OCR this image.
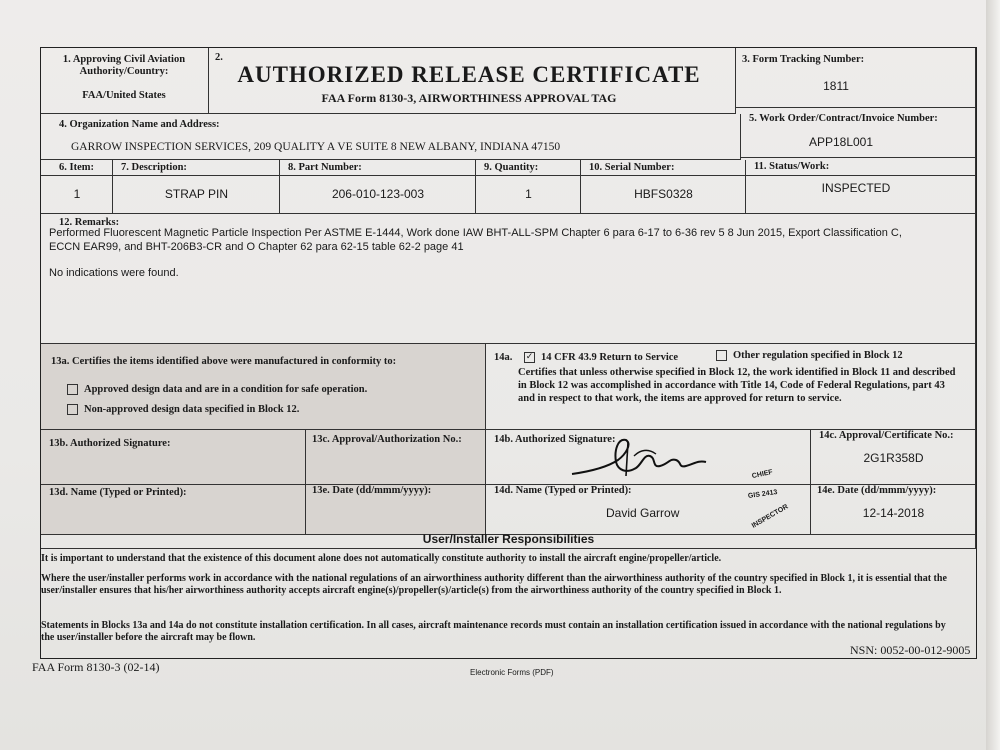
1. Approving Civil Aviation Authority/Country:
FAA/United States
2.
AUTHORIZED RELEASE CERTIFICATE
FAA Form 8130-3, AIRWORTHINESS APPROVAL TAG
3. Form Tracking Number:
1811
4. Organization Name and Address:
GARROW INSPECTION SERVICES, 209 QUALITY A VE SUITE 8 NEW ALBANY, INDIANA 47150
5. Work Order/Contract/Invoice Number:
APP18L001
6. Item:	7. Description:	8. Part Number:	9. Quantity:	10. Serial Number:	11. Status/Work:
1	STRAP PIN	206-010-123-003	1	HBFS0328	INSPECTED
12. Remarks:
Performed Fluorescent Magnetic Particle Inspection Per ASTME E-1444, Work done IAW BHT-ALL-SPM Chapter 6 para 6-17 to 6-36 rev 5 8 Jun 2015, Export Classification C,
ECCN EAR99, and BHT-206B3-CR and O Chapter 62 para 62-15 table 62-2 page 41
No indications were found.
13a. Certifies the items identified above were manufactured in conformity to:
Approved design data and are in a condition for safe operation.
Non-approved design data specified in Block 12.
14a. ✓ 14 CFR 43.9 Return to Service	Other regulation specified in Block 12
Certifies that unless otherwise specified in Block 12, the work identified in Block 11 and described in Block 12 was accomplished in accordance with Title 14, Code of Federal Regulations, part 43 and in respect to that work, the items are approved for return to service.
13b. Authorized Signature:	13c. Approval/Authorization No.:	14b. Authorized Signature:	14c. Approval/Certificate No.:
2G1R358D
13d. Name (Typed or Printed):	13e. Date (dd/mmm/yyyy):	14d. Name (Typed or Printed):
David Garrow
CHIEF
GIS 2413
INSPECTOR
14e. Date (dd/mmm/yyyy):
12-14-2018
User/Installer Responsibilities
It is important to understand that the existence of this document alone does not automatically constitute authority to install the aircraft engine/propeller/article.
Where the user/installer performs work in accordance with the national regulations of an airworthiness authority different than the airworthiness authority of the country specified in Block 1, it is essential that the user/installer ensures that his/her airworthiness authority accepts aircraft engine(s)/propeller(s)/article(s) from the airworthiness authority of the country specified in Block 1.
Statements in Blocks 13a and 14a do not constitute installation certification. In all cases, aircraft maintenance records must contain an installation certification issued in accordance with the national regulations by the user/installer before the aircraft may be flown.
FAA Form 8130-3 (02-14)	Electronic Forms (PDF)
NSN: 0052-00-012-9005
